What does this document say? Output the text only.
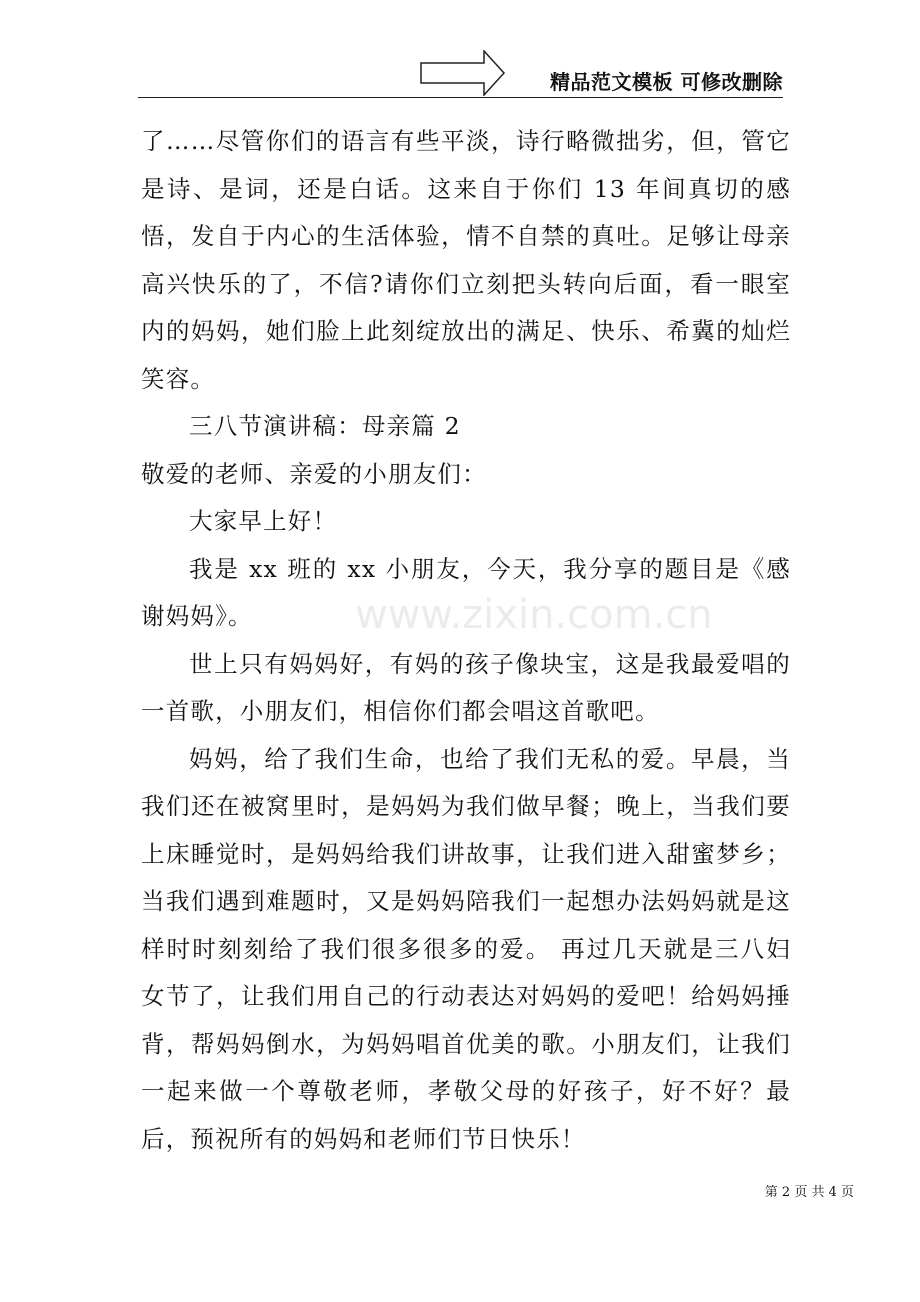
精品范文模板 可修改删除
www.zixin.com.cn

了……尽管你们的语言有些平淡，诗行略微拙劣，但，管它是诗、是词，还是白话。这来自于你们 13 年间真切的感悟，发自于内心的生活体验，情不自禁的真吐。足够让母亲高兴快乐的了，不信?请你们立刻把头转向后面，看一眼室内的妈妈，她们脸上此刻绽放出的满足、快乐、希冀的灿烂笑容。

三八节演讲稿：母亲篇 2

敬爱的老师、亲爱的小朋友们：

大家早上好！

我是 xx 班的 xx 小朋友，今天，我分享的题目是《感谢妈妈》。

世上只有妈妈好，有妈的孩子像块宝，这是我最爱唱的一首歌，小朋友们，相信你们都会唱这首歌吧。

妈妈，给了我们生命，也给了我们无私的爱。早晨，当我们还在被窝里时，是妈妈为我们做早餐；晚上，当我们要上床睡觉时，是妈妈给我们讲故事，让我们进入甜蜜梦乡；当我们遇到难题时，又是妈妈陪我们一起想办法妈妈就是这样时时刻刻给了我们很多很多的爱。 再过几天就是三八妇女节了，让我们用自己的行动表达对妈妈的爱吧！给妈妈捶背，帮妈妈倒水，为妈妈唱首优美的歌。小朋友们，让我们一起来做一个尊敬老师，孝敬父母的好孩子，好不好？最后，预祝所有的妈妈和老师们节日快乐！

第 2 页 共 4 页
